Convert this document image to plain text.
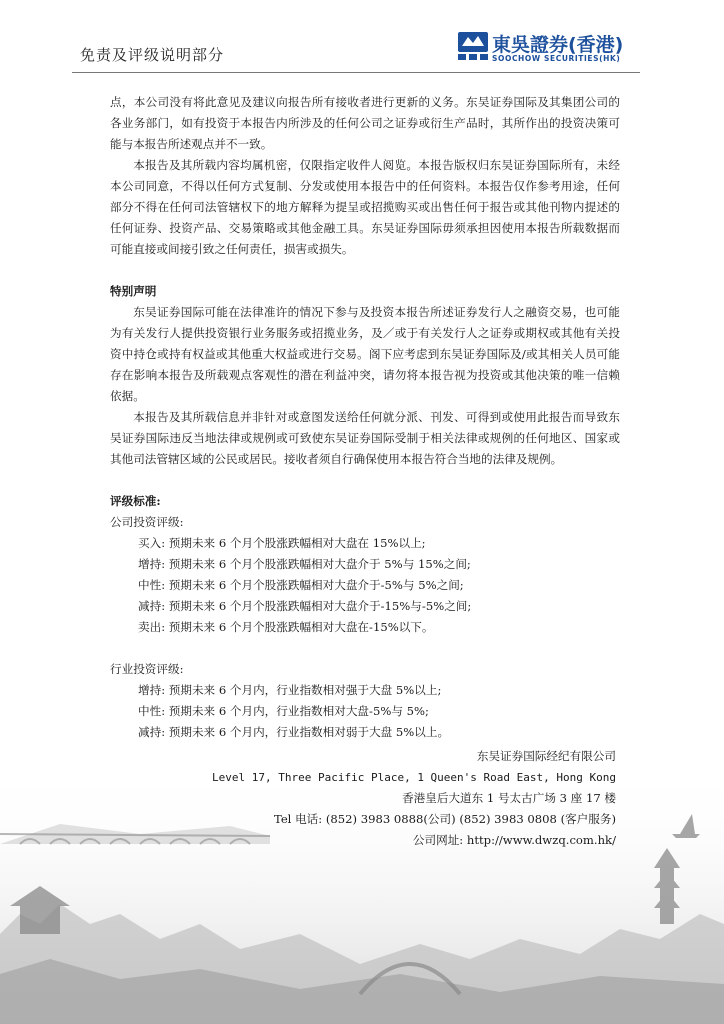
免责及评级说明部分	東吳證券(香港)
SOOCHOW SECURITIES(HK)

点，本公司没有将此意见及建议向报告所有接收者进行更新的义务。东吴证券国际及其集团公司的各业务部门，如有投资于本报告内所涉及的任何公司之证券或衍生产品时，其所作出的投资决策可能与本报告所述观点并不一致。

本报告及其所载内容均属机密，仅限指定收件人阅览。本报告版权归东吴证券国际所有，未经本公司同意，不得以任何方式复制、分发或使用本报告中的任何资料。本报告仅作参考用途，任何部分不得在任何司法管辖权下的地方解释为提呈或招揽购买或出售任何于报告或其他刊物内提述的任何证券、投资产品、交易策略或其他金融工具。东吴证券国际毋须承担因使用本报告所载数据而可能直接或间接引致之任何责任，损害或损失。

特别声明

东吴证券国际可能在法律准许的情况下参与及投资本报告所述证券发行人之融资交易，也可能为有关发行人提供投资银行业务服务或招揽业务，及／或于有关发行人之证券或期权或其他有关投资中持仓或持有权益或其他重大权益或进行交易。阁下应考虑到东吴证券国际及/或其相关人员可能存在影响本报告及所载观点客观性的潜在利益冲突，请勿将本报告视为投资或其他决策的唯一信赖依据。

本报告及其所载信息并非针对或意图发送给任何就分派、刊发、可得到或使用此报告而导致东吴证券国际违反当地法律或规例或可致使东吴证券国际受制于相关法律或规例的任何地区、国家或其他司法管辖区域的公民或居民。接收者须自行确保使用本报告符合当地的法律及规例。

评级标准:

公司投资评级:

买入: 预期未来 6 个月个股涨跌幅相对大盘在 15%以上;

增持: 预期未来 6 个月个股涨跌幅相对大盘介于 5%与 15%之间;

中性: 预期未来 6 个月个股涨跌幅相对大盘介于-5%与 5%之间;

减持: 预期未来 6 个月个股涨跌幅相对大盘介于-15%与-5%之间;

卖出: 预期未来 6 个月个股涨跌幅相对大盘在-15%以下。

行业投资评级:

增持: 预期未来 6 个月内，行业指数相对强于大盘 5%以上;

中性: 预期未来 6 个月内，行业指数相对大盘-5%与 5%;

减持: 预期未来 6 个月内，行业指数相对弱于大盘 5%以上。

东吴证券国际经纪有限公司
Level 17, Three Pacific Place, 1 Queen's Road East, Hong Kong
香港皇后大道东 1 号太古广场 3 座 17 楼
Tel 电话: (852) 3983 0888(公司) (852) 3983 0808 (客户服务)
公司网址: http://www.dwzq.com.hk/
